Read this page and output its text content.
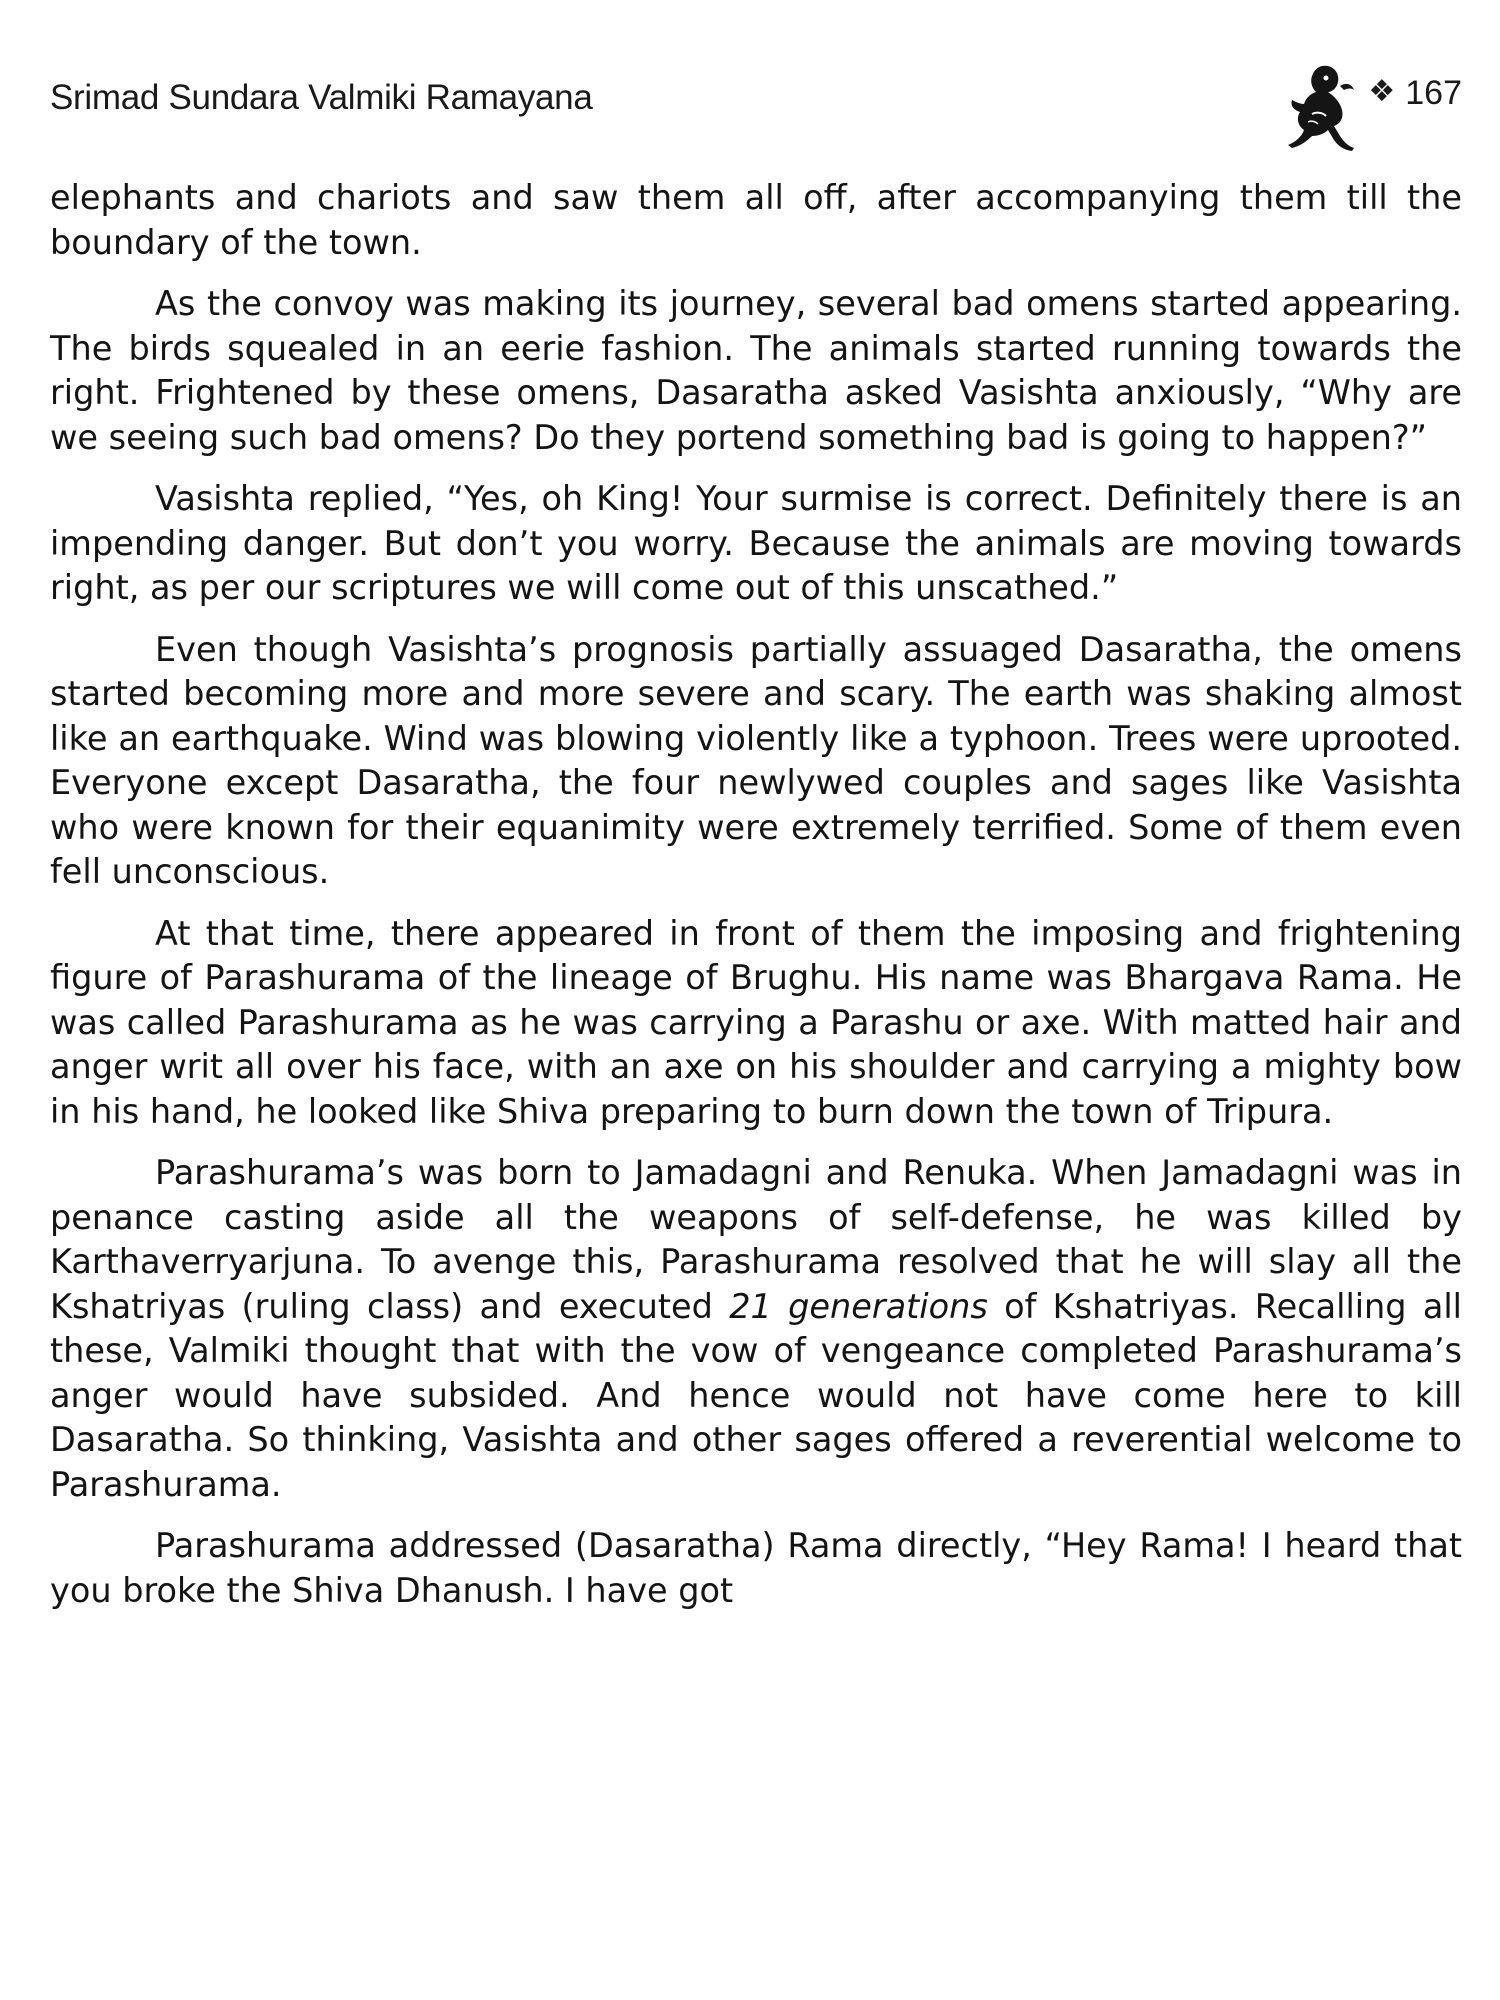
Srimad Sundara Valmiki Ramayana	❖ 167

elephants and chariots and saw them all off, after accompanying them till the boundary of the town.

As the convoy was making its journey, several bad omens started appearing. The birds squealed in an eerie fashion. The animals started running towards the right. Frightened by these omens, Dasaratha asked Vasishta anxiously, “Why are we seeing such bad omens? Do they portend something bad is going to happen?”

Vasishta replied, “Yes, oh King! Your surmise is correct. Definitely there is an impending danger. But don’t you worry. Because the animals are moving towards right, as per our scriptures we will come out of this unscathed.”

Even though Vasishta’s prognosis partially assuaged Dasaratha, the omens started becoming more and more severe and scary. The earth was shaking almost like an earthquake. Wind was blowing violently like a typhoon. Trees were uprooted. Everyone except Dasaratha, the four newlywed couples and sages like Vasishta who were known for their equanimity were extremely terrified. Some of them even fell unconscious.

At that time, there appeared in front of them the imposing and frightening figure of Parashurama of the lineage of Brughu. His name was Bhargava Rama. He was called Parashurama as he was carrying a Parashu or axe. With matted hair and anger writ all over his face, with an axe on his shoulder and carrying a mighty bow in his hand, he looked like Shiva preparing to burn down the town of Tripura.

Parashurama’s was born to Jamadagni and Renuka. When Jamadagni was in penance casting aside all the weapons of self-defense, he was killed by Karthaverryarjuna. To avenge this, Parashurama resolved that he will slay all the Kshatriyas (ruling class) and executed 21 generations of Kshatriyas. Recalling all these, Valmiki thought that with the vow of vengeance completed Parashurama’s anger would have subsided. And hence would not have come here to kill Dasaratha. So thinking, Vasishta and other sages offered a reverential welcome to Parashurama.

Parashurama addressed (Dasaratha) Rama directly, “Hey Rama! I heard that you broke the Shiva Dhanush. I have got
